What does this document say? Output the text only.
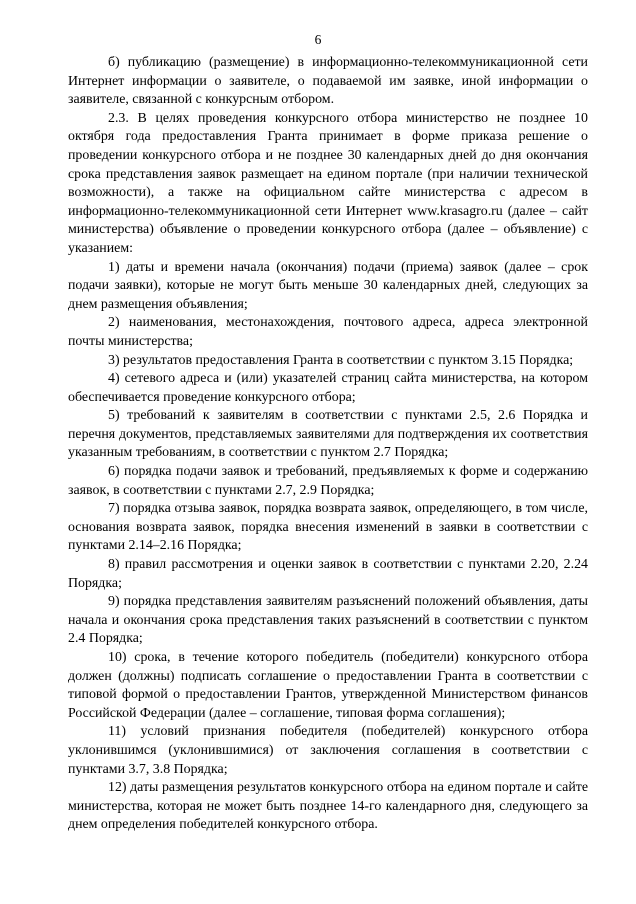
6

б) публикацию (размещение) в информационно-телекоммуникационной сети Интернет информации о заявителе, о подаваемой им заявке, иной информации о заявителе, связанной с конкурсным отбором.

2.3. В целях проведения конкурсного отбора министерство не позднее 10 октября года предоставления Гранта принимает в форме приказа решение о проведении конкурсного отбора и не позднее 30 календарных дней до дня окончания срока представления заявок размещает на едином портале (при наличии технической возможности), а также на официальном сайте министерства с адресом в информационно-телекоммуникационной сети Интернет www.krasagro.ru (далее – сайт министерства) объявление о проведении конкурсного отбора (далее – объявление) с указанием:

1) даты и времени начала (окончания) подачи (приема) заявок (далее – срок подачи заявки), которые не могут быть меньше 30 календарных дней, следующих за днем размещения объявления;

2) наименования, местонахождения, почтового адреса, адреса электронной почты министерства;

3) результатов предоставления Гранта в соответствии с пунктом 3.15 Порядка;

4) сетевого адреса и (или) указателей страниц сайта министерства, на котором обеспечивается проведение конкурсного отбора;

5) требований к заявителям в соответствии с пунктами 2.5, 2.6 Порядка и перечня документов, представляемых заявителями для подтверждения их соответствия указанным требованиям, в соответствии с пунктом 2.7 Порядка;

6) порядка подачи заявок и требований, предъявляемых к форме и содержанию заявок, в соответствии с пунктами 2.7, 2.9 Порядка;

7) порядка отзыва заявок, порядка возврата заявок, определяющего, в том числе, основания возврата заявок, порядка внесения изменений в заявки в соответствии с пунктами 2.14–2.16 Порядка;

8) правил рассмотрения и оценки заявок в соответствии с пунктами 2.20, 2.24 Порядка;

9) порядка представления заявителям разъяснений положений объявления, даты начала и окончания срока представления таких разъяснений в соответствии с пунктом 2.4 Порядка;

10) срока, в течение которого победитель (победители) конкурсного отбора должен (должны) подписать соглашение о предоставлении Гранта в соответствии с типовой формой о предоставлении Грантов, утвержденной Министерством финансов Российской Федерации (далее – соглашение, типовая форма соглашения);

11) условий признания победителя (победителей) конкурсного отбора уклонившимся (уклонившимися) от заключения соглашения в соответствии с пунктами 3.7, 3.8 Порядка;

12) даты размещения результатов конкурсного отбора на едином портале и сайте министерства, которая не может быть позднее 14-го календарного дня, следующего за днем определения победителей конкурсного отбора.
